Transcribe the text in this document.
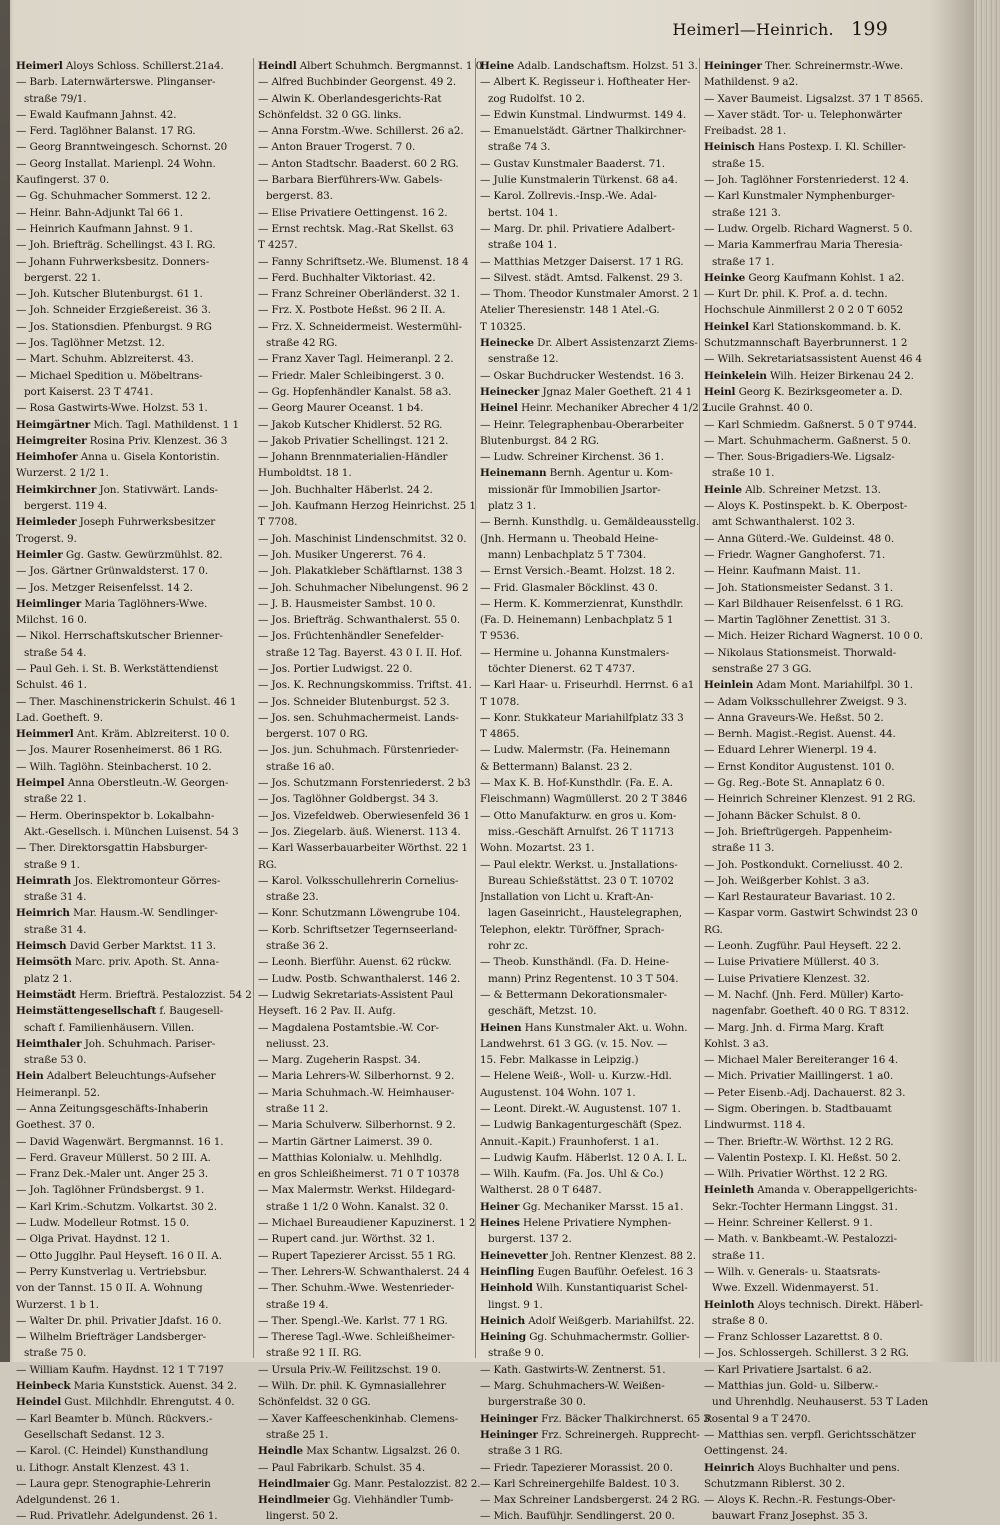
Heimerl—Heinrich. 199
Heimerl Aloys Schloss. Schillerst.21a4.
— Barb. Laternwärterswe. Plinganser-
straße 79/1.
— Ewald Kaufmann Jahnst. 42.
— Ferd. Taglöhner Balanst. 17 RG.
— Georg Branntweingesch. Schornst. 20
— Georg Installat. Marienpl. 24 Wohn.
Kaufingerst. 37 0.
— Gg. Schuhmacher Sommerst. 12 2.
— Heinr. Bahn-Adjunkt Tal 66 1.
— Heinrich Kaufmann Jahnst. 9 1.
— Joh. Briefträg. Schellingst. 43 I. RG.
— Johann Fuhrwerksbesitz. Donners-
bergerst. 22 1.
— Joh. Kutscher Blutenburgst. 61 1.
— Joh. Schneider Erzgießereist. 36 3.
— Jos. Stationsdien. Pfenburgst. 9 RG
— Jos. Taglöhner Metzst. 12.
— Mart. Schuhm. Ablzreiterst. 43.
— Michael Spedition u. Möbeltrans-
port Kaiserst. 23 T 4741.
— Rosa Gastwirts-Wwe. Holzst. 53 1.
Heimgärtner Mich. Tagl. Mathildenst. 1 1
Heimgreiter Rosina Priv. Klenzest. 36 3
Heimhofer Anna u. Gisela Kontoristin.
Wurzerst. 2 1/2 1.
Heimkirchner Jon. Stativwärt. Lands-
bergerst. 119 4.
Heimleder Joseph Fuhrwerksbesitzer
Trogerst. 9.
Heimler Gg. Gastw. Gewürzmühlst. 82.
— Jos. Gärtner Grünwaldsterst. 17 0.
— Jos. Metzger Reisenfelsst. 14 2.
Heimlinger Maria Taglöhners-Wwe.
Milchst. 16 0.
— Nikol. Herrschaftskutscher Brienner-
straße 54 4.
— Paul Geh. i. St. B. Werkstättendienst
Schulst. 46 1.
— Ther. Maschinenstrickerin Schulst. 46 1
Lad. Goetheft. 9.
Heimmerl Ant. Kräm. Ablzreiterst. 10 0.
— Jos. Maurer Rosenheimerst. 86 1 RG.
— Wilh. Taglöhn. Steinbacherst. 10 2.
Heimpel Anna Oberstleutn.-W. Georgen-
straße 22 1.
— Herm. Oberinspektor b. Lokalbahn-
Akt.-Gesellsch. i. München Luisenst. 54 3
— Ther. Direktorsgattin Habsburger-
straße 9 1.
Heimrath Jos. Elektromonteur Görres-
straße 31 4.
Heimrich Mar. Hausm.-W. Sendlinger-
straße 31 4.
Heimsch David Gerber Marktst. 11 3.
Heimsöth Marc. priv. Apoth. St. Anna-
platz 2 1.
Heimstädt Herm. Briefträ. Pestalozzist. 54 2
Heimstättengesellschaft f. Baugesell-
schaft f. Familienhäusern. Villen.
Heimthaler Joh. Schuhmach. Pariser-
straße 53 0.
Hein Adalbert Beleuchtungs-Aufseher
Heimeranpl. 52.
— Anna Zeitungsgeschäfts-Inhaberin
Goethest. 37 0.
— David Wagenwärt. Bergmannst. 16 1.
— Ferd. Graveur Müllerst. 50 2 III. A.
— Franz Dek.-Maler unt. Anger 25 3.
— Joh. Taglöhner Fründsbergst. 9 1.
— Karl Krim.-Schutzm. Volkartst. 30 2.
— Ludw. Modelleur Rotmst. 15 0.
— Olga Privat. Haydnst. 12 1.
— Otto Jugglhr. Paul Heyseft. 16 0 II. A.
— Perry Kunstverlag u. Vertriebsbur.
von der Tannst. 15 0 II. A. Wohnung
Wurzerst. 1 b 1.
— Walter Dr. phil. Privatier Jdafst. 16 0.
— Wilhelm Briefträger Landsberger-
straße 75 0.
— William Kaufm. Haydnst. 12 1 T 7197
Heinbeck Maria Kunststick. Auenst. 34 2.
Heindel Gust. Milchhdlr. Ehrengutst. 4 0.
— Karl Beamter b. Münch. Rückvers.-
Gesellschaft Sedanst. 12 3.
— Karol. (C. Heindel) Kunsthandlung
u. Lithogr. Anstalt Klenzest. 43 1.
— Laura gepr. Stenographie-Lehrerin
Adelgundenst. 26 1.
— Rud. Privatlehr. Adelgundenst. 26 1.
Heindl Albert Schuhmch. Bergmannst. 1 0
— Alfred Buchbinder Georgenst. 49 2.
— Alwin K. Oberlandesgerichts-Rat
Schönfeldst. 32 0 GG. links.
— Anna Forstm.-Wwe. Schillerst. 26 a2.
— Anton Brauer Trogerst. 7 0.
— Anton Stadtschr. Baaderst. 60 2 RG.
— Barbara Bierführers-Ww. Gabels-
bergerst. 83.
— Elise Privatiere Oettingenst. 16 2.
— Ernst rechtsk. Mag.-Rat Skellst. 63
T 4257.
— Fanny Schriftsetz.-We. Blumenst. 18 4
— Ferd. Buchhalter Viktoriast. 42.
— Franz Schreiner Oberländerst. 32 1.
— Frz. X. Postbote Heßst. 96 2 II. A.
— Frz. X. Schneidermeist. Westermühl-
straße 42 RG.
— Franz Xaver Tagl. Heimeranpl. 2 2.
— Friedr. Maler Schleibingerst. 3 0.
— Gg. Hopfenhändler Kanalst. 58 a3.
— Georg Maurer Oceanst. 1 b4.
— Jakob Kutscher Khidlerst. 52 RG.
— Jakob Privatier Schellingst. 121 2.
— Johann Brennmaterialien-Händler
Humboldtst. 18 1.
— Joh. Buchhalter Häberlst. 24 2.
— Joh. Kaufmann Herzog Heinrichst. 25 1
T 7708.
— Joh. Maschinist Lindenschmitst. 32 0.
— Joh. Musiker Ungererst. 76 4.
— Joh. Plakatkleber Schäftlarnst. 138 3
— Joh. Schuhmacher Nibelungenst. 96 2
— J. B. Hausmeister Sambst. 10 0.
— Jos. Briefträg. Schwanthalerst. 55 0.
— Jos. Früchtenhändler Senefelder-
straße 12 Tag. Bayerst. 43 0 I. II. Hof.
— Jos. Portier Ludwigst. 22 0.
— Jos. K. Rechnungskommiss. Triftst. 41.
— Jos. Schneider Blutenburgst. 52 3.
— Jos. sen. Schuhmachermeist. Lands-
bergerst. 107 0 RG.
— Jos. jun. Schuhmach. Fürstenrieder-
straße 16 a0.
— Jos. Schutzmann Forstenriederst. 2 b3
— Jos. Taglöhner Goldbergst. 34 3.
— Jos. Vizefeldweb. Oberwiesenfeld 36 1
— Jos. Ziegelarb. äuß. Wienerst. 113 4.
— Karl Wasserbauarbeiter Wörthst. 22 1
RG.
— Karol. Volksschullehrerin Cornelius-
straße 23.
— Konr. Schutzmann Löwengrube 104.
— Korb. Schriftsetzer Tegernseerland-
straße 36 2.
— Leonh. Bierführ. Auenst. 62 rückw.
— Ludw. Postb. Schwanthalerst. 146 2.
— Ludwig Sekretariats-Assistent Paul
Heyseft. 16 2 Pav. II. Aufg.
— Magdalena Postamtsbie.-W. Cor-
neliusst. 23.
— Marg. Zugeherin Raspst. 34.
— Maria Lehrers-W. Silberhornst. 9 2.
— Maria Schuhmach.-W. Heimhauser-
straße 11 2.
— Maria Schulverw. Silberhornst. 9 2.
— Martin Gärtner Laimerst. 39 0.
— Matthias Kolonialw. u. Mehlhdlg.
en gros Schleißheimerst. 71 0 T 10378
— Max Malermstr. Werkst. Hildegard-
straße 1 1/2 0 Wohn. Kanalst. 32 0.
— Michael Bureaudiener Kapuzinerst. 1 2
— Rupert cand. jur. Wörthst. 32 1.
— Rupert Tapezierer Arcisst. 55 1 RG.
— Ther. Lehrers-W. Schwanthalerst. 24 4
— Ther. Schuhm.-Wwe. Westenrieder-
straße 19 4.
— Ther. Spengl.-We. Karlst. 77 1 RG.
— Therese Tagl.-Wwe. Schleißheimer-
straße 92 1 II. RG.
— Ursula Priv.-W. Feilitzschst. 19 0.
— Wilh. Dr. phil. K. Gymnasiallehrer
Schönfeldst. 32 0 GG.
— Xaver Kaffeeschenkinhab. Clemens-
straße 25 1.
Heindle Max Schantw. Ligsalzst. 26 0.
— Paul Fabrikarb. Schulst. 35 4.
Heindlmaier Gg. Manr. Pestalozzist. 82 2.
Heindlmeier Gg. Viehhändler Tumb-
lingerst. 50 2.
Heine Adalb. Landschaftsm. Holzst. 51 3.
— Albert K. Regisseur i. Hoftheater Her-
zog Rudolfst. 10 2.
— Edwin Kunstmal. Lindwurmst. 149 4.
— Emanuelstädt. Gärtner Thalkirchner-
straße 74 3.
— Gustav Kunstmaler Baaderst. 71.
— Julie Kunstmalerin Türkenst. 68 a4.
— Karol. Zollrevis.-Insp.-We. Adal-
bertst. 104 1.
— Marg. Dr. phil. Privatiere Adalbert-
straße 104 1.
— Matthias Metzger Daiserst. 17 1 RG.
— Silvest. städt. Amtsd. Falkenst. 29 3.
— Thom. Theodor Kunstmaler Amorst. 2 1
Atelier Theresienstr. 148 1 Atel.-G.
T 10325.
Heinecke Dr. Albert Assistenzarzt Ziems-
senstraße 12.
— Oskar Buchdrucker Westendst. 16 3.
Heinecker Jgnaz Maler Goetheft. 21 4 1
Heinel Heinr. Mechaniker Abrecher 4 1/2 2.
— Heinr. Telegraphenbau-Oberarbeiter
Blutenburgst. 84 2 RG.
— Ludw. Schreiner Kirchenst. 36 1.
Heinemann Bernh. Agentur u. Kom-
missionär für Immobilien Jsartor-
platz 3 1.
— Bernh. Kunsthdlg. u. Gemäldeausstellg.
(Jnh. Hermann u. Theobald Heine-
mann) Lenbachplatz 5 T 7304.
— Ernst Versich.-Beamt. Holzst. 18 2.
— Frid. Glasmaler Böcklinst. 43 0.
— Herm. K. Kommerzienrat, Kunsthdlr.
(Fa. D. Heinemann) Lenbachplatz 5 1
T 9536.
— Hermine u. Johanna Kunstmalers-
töchter Dienerst. 62 T 4737.
— Karl Haar- u. Friseurhdl. Herrnst. 6 a1
T 1078.
— Konr. Stukkateur Mariahilfplatz 33 3
T 4865.
— Ludw. Malermstr. (Fa. Heinemann
& Bettermann) Balanst. 23 2.
— Max K. B. Hof-Kunsthdlr. (Fa. E. A.
Fleischmann) Wagmüllerst. 20 2 T 3846
— Otto Manufakturw. en gros u. Kom-
miss.-Geschäft Arnulfst. 26 T 11713
Wohn. Mozartst. 23 1.
— Paul elektr. Werkst. u. Jnstallations-
Bureau Schießstättst. 23 0 T. 10702
Jnstallation von Licht u. Kraft-An-
lagen Gaseinricht., Haustelegraphen,
Telephon, elektr. Türöffner, Sprach-
rohr zc.
— Theob. Kunsthändl. (Fa. D. Heine-
mann) Prinz Regentenst. 10 3 T 504.
— & Bettermann Dekorationsmaler-
geschäft, Metzst. 10.
Heinen Hans Kunstmaler Akt. u. Wohn.
Landwehrst. 61 3 GG. (v. 15. Nov. —
15. Febr. Malkasse in Leipzig.)
— Helene Weiß-, Woll- u. Kurzw.-Hdl.
Augustenst. 104 Wohn. 107 1.
— Leont. Direkt.-W. Augustenst. 107 1.
— Ludwig Bankagenturgeschäft (Spez.
Annuit.-Kapit.) Fraunhoferst. 1 a1.
— Ludwig Kaufm. Häberlst. 12 0 A. I. L.
— Wilh. Kaufm. (Fa. Jos. Uhl & Co.)
Waltherst. 28 0 T 6487.
Heiner Gg. Mechaniker Marsst. 15 a1.
Heines Helene Privatiere Nymphen-
burgerst. 137 2.
Heinevetter Joh. Rentner Klenzest. 88 2.
Heinfling Eugen Bauführ. Oefelest. 16 3
Heinhold Wilh. Kunstantiquarist Schel-
lingst. 9 1.
Heinich Adolf Weißgerb. Mariahilfst. 22.
Heining Gg. Schuhmachermstr. Gollier-
straße 9 0.
— Kath. Gastwirts-W. Zentnerst. 51.
— Marg. Schuhmachers-W. Weißen-
burgerstraße 30 0.
Heininger Frz. Bäcker Thalkirchnerst. 65 3
Heininger Frz. Schreinergeh. Rupprecht-
straße 3 1 RG.
— Friedr. Tapezierer Morassist. 20 0.
— Karl Schreinergehilfe Baldest. 10 3.
— Max Schreiner Landsbergerst. 24 2 RG.
— Mich. Baufühjr. Sendlingerst. 20 0.
Heininger Ther. Schreinermstr.-Wwe.
Mathildenst. 9 a2.
— Xaver Baumeist. Ligsalzst. 37 1 T 8565.
— Xaver städt. Tor- u. Telephonwärter
Freibadst. 28 1.
Heinisch Hans Postexp. I. Kl. Schiller-
straße 15.
— Joh. Taglöhner Forstenriederst. 12 4.
— Karl Kunstmaler Nymphenburger-
straße 121 3.
— Ludw. Orgelb. Richard Wagnerst. 5 0.
— Maria Kammerfrau Maria Theresia-
straße 17 1.
Heinke Georg Kaufmann Kohlst. 1 a2.
— Kurt Dr. phil. K. Prof. a. d. techn.
Hochschule Ainmillerst 2 0 2 0 T 6052
Heinkel Karl Stationskommand. b. K.
Schutzmannschaft Bayerbrunnerst. 1 2
— Wilh. Sekretariatsassistent Auenst 46 4
Heinkelein Wilh. Heizer Birkenau 24 2.
Heinl Georg K. Bezirksgeometer a. D.
Lucile Grahnst. 40 0.
— Karl Schmiedm. Gaßnerst. 5 0 T 9744.
— Mart. Schuhmacherm. Gaßnerst. 5 0.
— Ther. Sous-Brigadiers-We. Ligsalz-
straße 10 1.
Heinle Alb. Schreiner Metzst. 13.
— Aloys K. Postinspekt. b. K. Oberpost-
amt Schwanthalerst. 102 3.
— Anna Güterd.-We. Guldeinst. 48 0.
— Friedr. Wagner Ganghoferst. 71.
— Heinr. Kaufmann Maist. 11.
— Joh. Stationsmeister Sedanst. 3 1.
— Karl Bildhauer Reisenfelsst. 6 1 RG.
— Martin Taglöhner Zenettist. 31 3.
— Mich. Heizer Richard Wagnerst. 10 0 0.
— Nikolaus Stationsmeist. Thorwald-
senstraße 27 3 GG.
Heinlein Adam Mont. Mariahilfpl. 30 1.
— Adam Volksschullehrer Zweigst. 9 3.
— Anna Graveurs-We. Heßst. 50 2.
— Bernh. Magist.-Regist. Auenst. 44.
— Eduard Lehrer Wienerpl. 19 4.
— Ernst Konditor Augustenst. 101 0.
— Gg. Reg.-Bote St. Annaplatz 6 0.
— Heinrich Schreiner Klenzest. 91 2 RG.
— Johann Bäcker Schulst. 8 0.
— Joh. Brieftrügergeh. Pappenheim-
straße 11 3.
— Joh. Postkondukt. Corneliusst. 40 2.
— Joh. Weißgerber Kohlst. 3 a3.
— Karl Restaurateur Bavariast. 10 2.
— Kaspar vorm. Gastwirt Schwindst 23 0
RG.
— Leonh. Zugführ. Paul Heyseft. 22 2.
— Luise Privatiere Müllerst. 40 3.
— Luise Privatiere Klenzest. 32.
— M. Nachf. (Jnh. Ferd. Müller) Karto-
nagenfabr. Goetheft. 40 0 RG. T 8312.
— Marg. Jnh. d. Firma Marg. Kraft
Kohlst. 3 a3.
— Michael Maler Bereiteranger 16 4.
— Mich. Privatier Maillingerst. 1 a0.
— Peter Eisenb.-Adj. Dachauerst. 82 3.
— Sigm. Oberingen. b. Stadtbauamt
Lindwurmst. 118 4.
— Ther. Brieftr.-W. Wörthst. 12 2 RG.
— Valentin Postexp. I. Kl. Heßst. 50 2.
— Wilh. Privatier Wörthst. 12 2 RG.
Heinleth Amanda v. Oberappellgerichts-
Sekr.-Tochter Hermann Linggst. 31.
— Heinr. Schreiner Kellerst. 9 1.
— Math. v. Bankbeamt.-W. Pestalozzi-
straße 11.
— Wilh. v. Generals- u. Staatsrats-
Wwe. Exzell. Widenmayerst. 51.
Heinloth Aloys technisch. Direkt. Häberl-
straße 8 0.
— Franz Schlosser Lazarettst. 8 0.
— Jos. Schlossergeh. Schillerst. 3 2 RG.
— Karl Privatiere Jsartalst. 6 a2.
— Matthias jun. Gold- u. Silberw.-
und Uhrenhdlg. Neuhauserst. 53 T Laden
Rosental 9 a T 2470.
— Matthias sen. verpfl. Gerichtsschätzer
Oettingenst. 24.
Heinrich Aloys Buchhalter und pens.
Schutzmann Riblerst. 30 2.
— Aloys K. Rechn.-R. Festungs-Ober-
bauwart Franz Josephst. 35 3.
